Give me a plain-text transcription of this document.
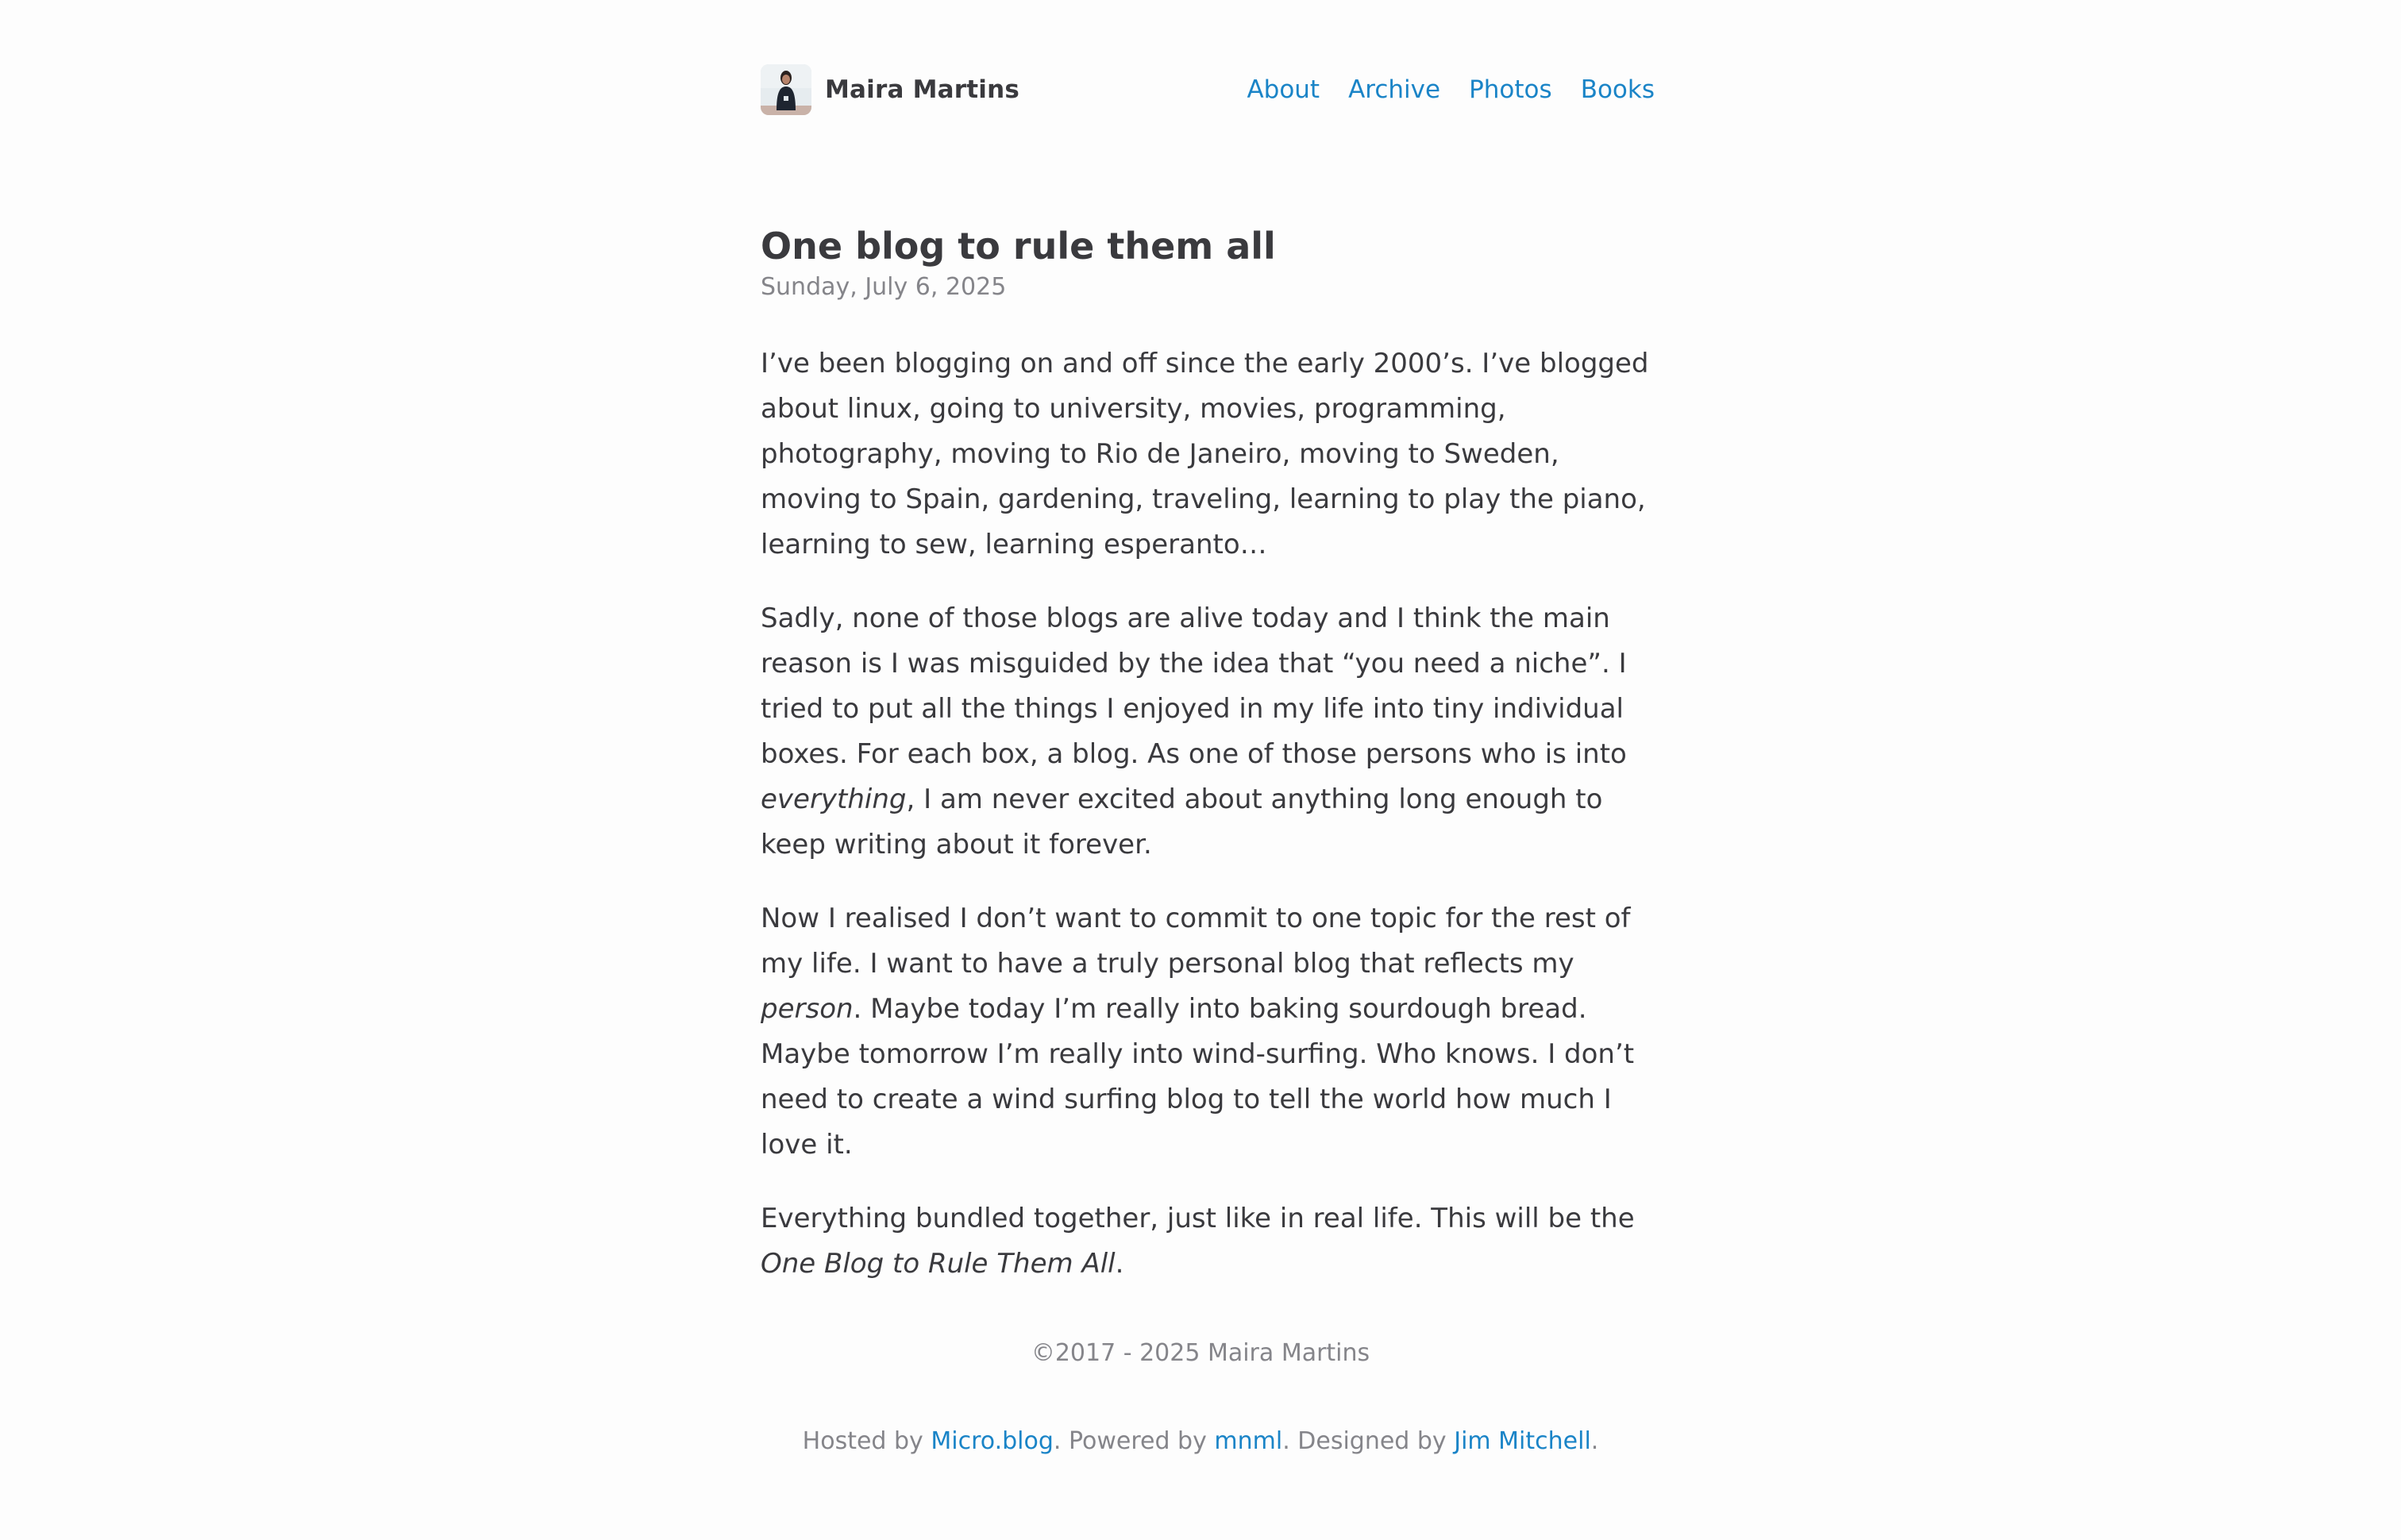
Maira Martins	About Archive Photos Books
One blog to rule them all
Sunday, July 6, 2025

I’ve been blogging on and off since the early 2000’s. I’ve blogged about linux, going to university, movies, programming, photography, moving to Rio de Janeiro, moving to Sweden, moving to Spain, gardening, traveling, learning to play the piano, learning to sew, learning esperanto…

Sadly, none of those blogs are alive today and I think the main reason is I was misguided by the idea that “you need a niche”. I tried to put all the things I enjoyed in my life into tiny individual boxes. For each box, a blog. As one of those persons who is into everything, I am never excited about anything long enough to keep writing about it forever.

Now I realised I don’t want to commit to one topic for the rest of my life. I want to have a truly personal blog that reflects my person. Maybe today I’m really into baking sourdough bread. Maybe tomorrow I’m really into wind-surfing. Who knows. I don’t need to create a wind surfing blog to tell the world how much I love it.

Everything bundled together, just like in real life. This will be the One Blog to Rule Them All.

©2017 - 2025 Maira Martins
Hosted by Micro.blog. Powered by mnml. Designed by Jim Mitchell.
